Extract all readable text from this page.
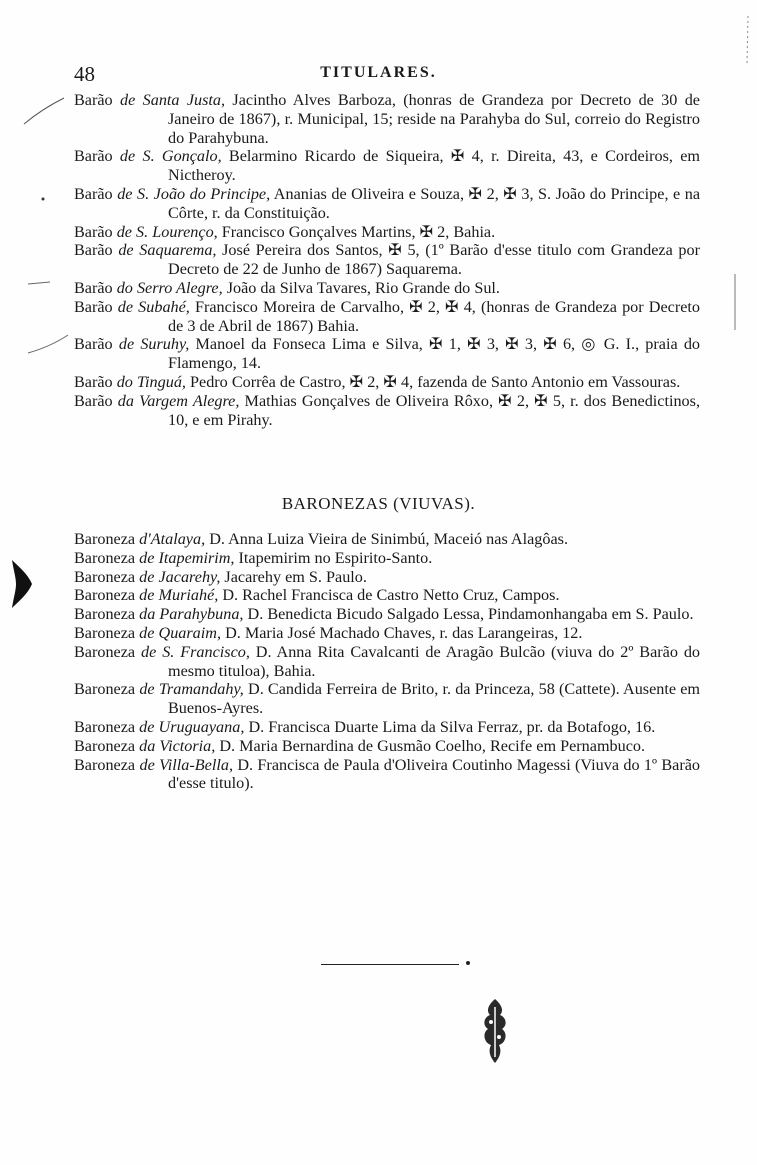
48	TITULARES.

Barão de Santa Justa, Jacintho Alves Barboza, (honras de Grandeza por Decreto de 30 de Janeiro de 1867), r. Municipal, 15; reside na Parahyba do Sul, correio do Registro do Parahybuna.

Barão de S. Gonçalo, Belarmino Ricardo de Siqueira, ✠ 4, r. Direita, 43, e Cordeiros, em Nictheroy.

Barão de S. João do Principe, Ananias de Oliveira e Souza, ✠ 2, ✠ 3, S. João do Principe, e na Côrte, r. da Constituição.

Barão de S. Lourenço, Francisco Gonçalves Martins, ✠ 2, Bahia.

Barão de Saquarema, José Pereira dos Santos, ✠ 5, (1º Barão d'esse titulo com Grandeza por Decreto de 22 de Junho de 1867) Saquarema.

Barão do Serro Alegre, João da Silva Tavares, Rio Grande do Sul.

Barão de Subahé, Francisco Moreira de Carvalho, ✠ 2, ✠ 4, (honras de Grandeza por Decreto de 3 de Abril de 1867) Bahia.

Barão de Suruhy, Manoel da Fonseca Lima e Silva, ✠ 1, ✠ 3, ✠ 3, ✠ 6, ◎ G. I., praia do Flamengo, 14.

Barão do Tinguá, Pedro Corrêa de Castro, ✠ 2, ✠ 4, fazenda de Santo Antonio em Vassouras.

Barão da Vargem Alegre, Mathias Gonçalves de Oliveira Rôxo, ✠ 2, ✠ 5, r. dos Benedictinos, 10, e em Pirahy.

BARONEZAS (VIUVAS).

Baroneza d'Atalaya, D. Anna Luiza Vieira de Sinimbú, Maceió nas Alagôas.

Baroneza de Itapemirim, Itapemirim no Espirito-Santo.

Baroneza de Jacarehy, Jacarehy em S. Paulo.

Baroneza de Muriahé, D. Rachel Francisca de Castro Netto Cruz, Campos.

Baroneza da Parahybuna, D. Benedicta Bicudo Salgado Lessa, Pindamonhangaba em S. Paulo.

Baroneza de Quaraim, D. Maria José Machado Chaves, r. das Larangeiras, 12.

Baroneza de S. Francisco, D. Anna Rita Cavalcanti de Aragão Bulcão (viuva do 2º Barão do mesmo tituloa), Bahia.

Baroneza de Tramandahy, D. Candida Ferreira de Brito, r. da Princeza, 58 (Cattete). Ausente em Buenos-Ayres.

Baroneza de Uruguayana, D. Francisca Duarte Lima da Silva Ferraz, pr. da Botafogo, 16.

Baroneza da Victoria, D. Maria Bernardina de Gusmão Coelho, Recife em Pernambuco.

Baroneza de Villa-Bella, D. Francisca de Paula d'Oliveira Coutinho Magessi (Viuva do 1º Barão d'esse titulo).
